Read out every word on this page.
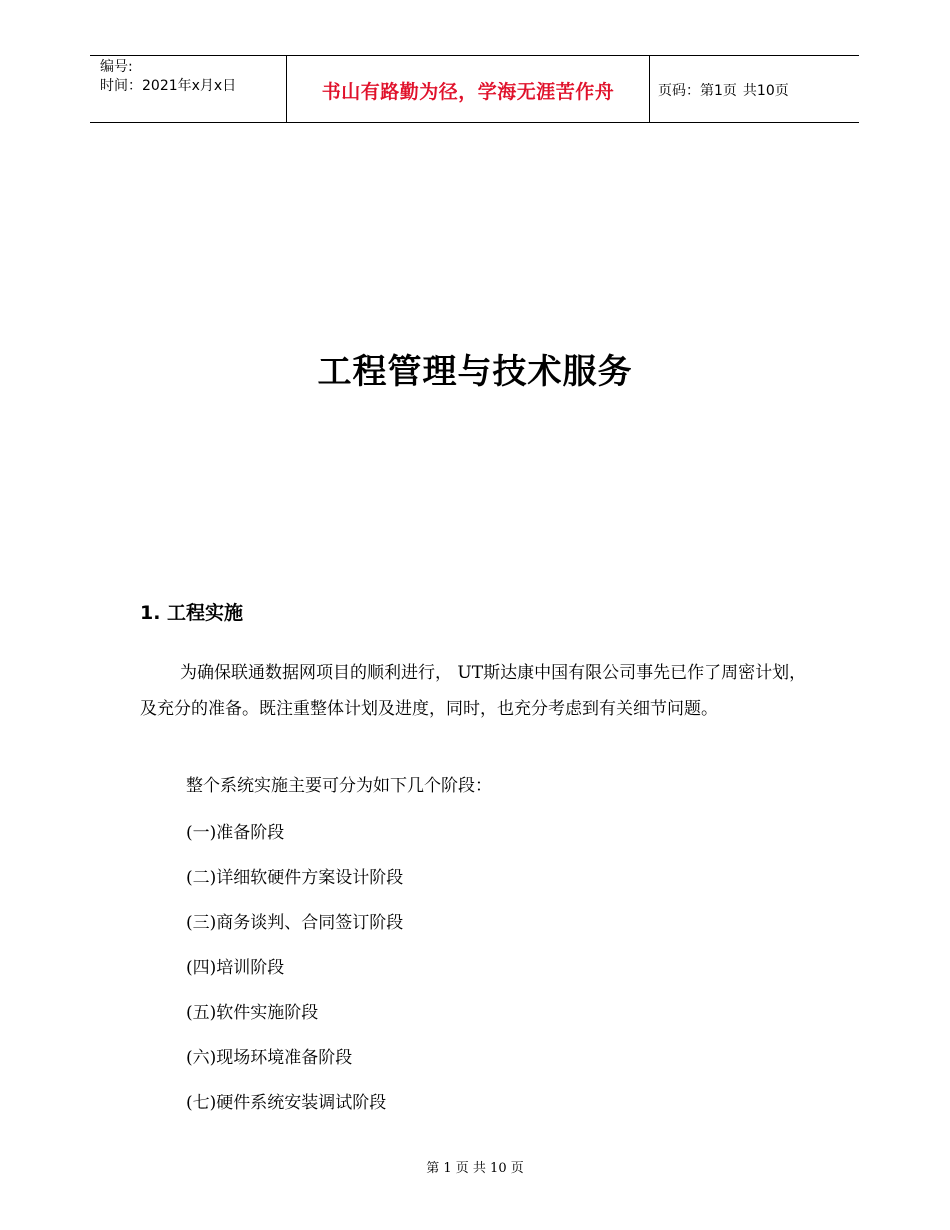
编号:
时间：2021年x月x日	书山有路勤为径，学海无涯苦作舟	页码：第1页 共10页
工程管理与技术服务
1. 工程实施
为确保联通数据网项目的顺利进行， UT斯达康中国有限公司事先已作了周密计划，及充分的准备。既注重整体计划及进度，同时，也充分考虑到有关细节问题。
整个系统实施主要可分为如下几个阶段：
(一)准备阶段
(二)详细软硬件方案设计阶段
(三)商务谈判、合同签订阶段
(四)培训阶段
(五)软件实施阶段
(六)现场环境准备阶段
(七)硬件系统安装调试阶段
第 1 页 共 10 页
